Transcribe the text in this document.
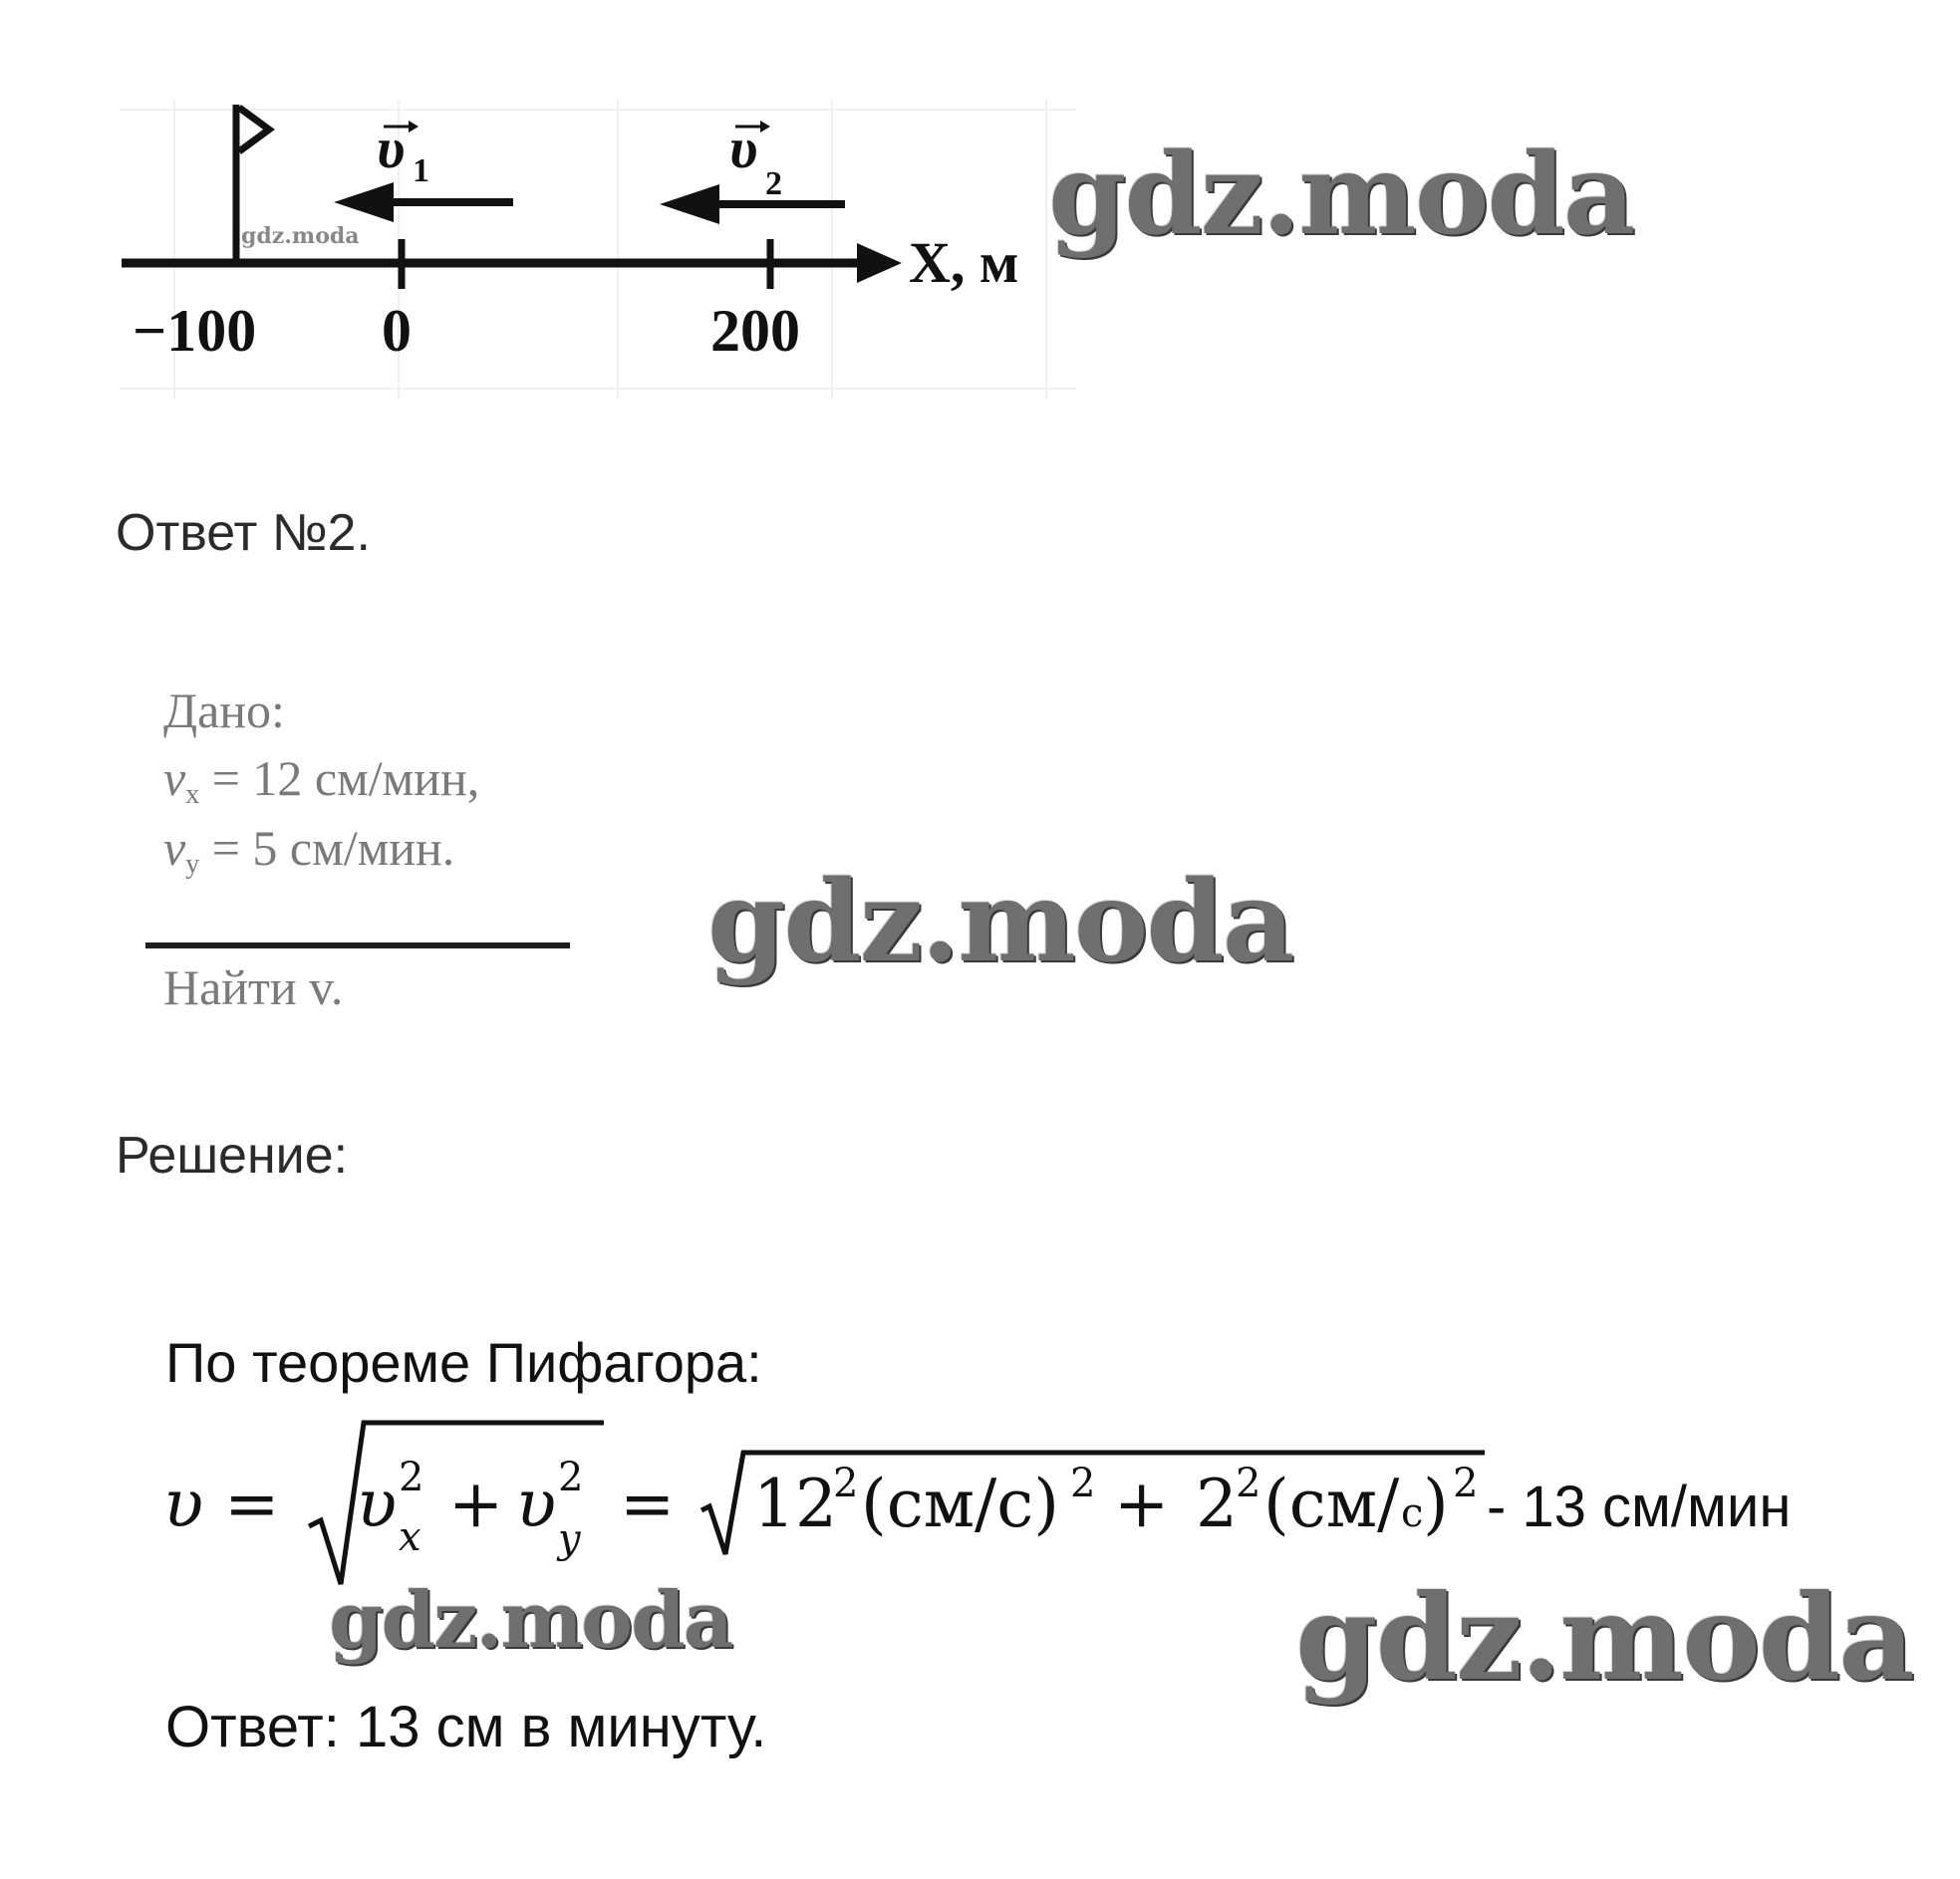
υ 1	υ
2
X, м
−100 0	200
gdz.moda	gdz.moda
Ответ №2.
Дано:
$v_x = 12$ см/мин,
$v_y = 5$ см/мин.
Найти v.	gdz.moda
Решение:
По теореме Пифагора:
υ = υ 2
x + υ 2
y = 12
2 (см/с) 2 + 2
2 (см/ c ) 2 - 13 см/мин
gdz.moda	gdz.moda
Ответ: 13 см в минуту.
